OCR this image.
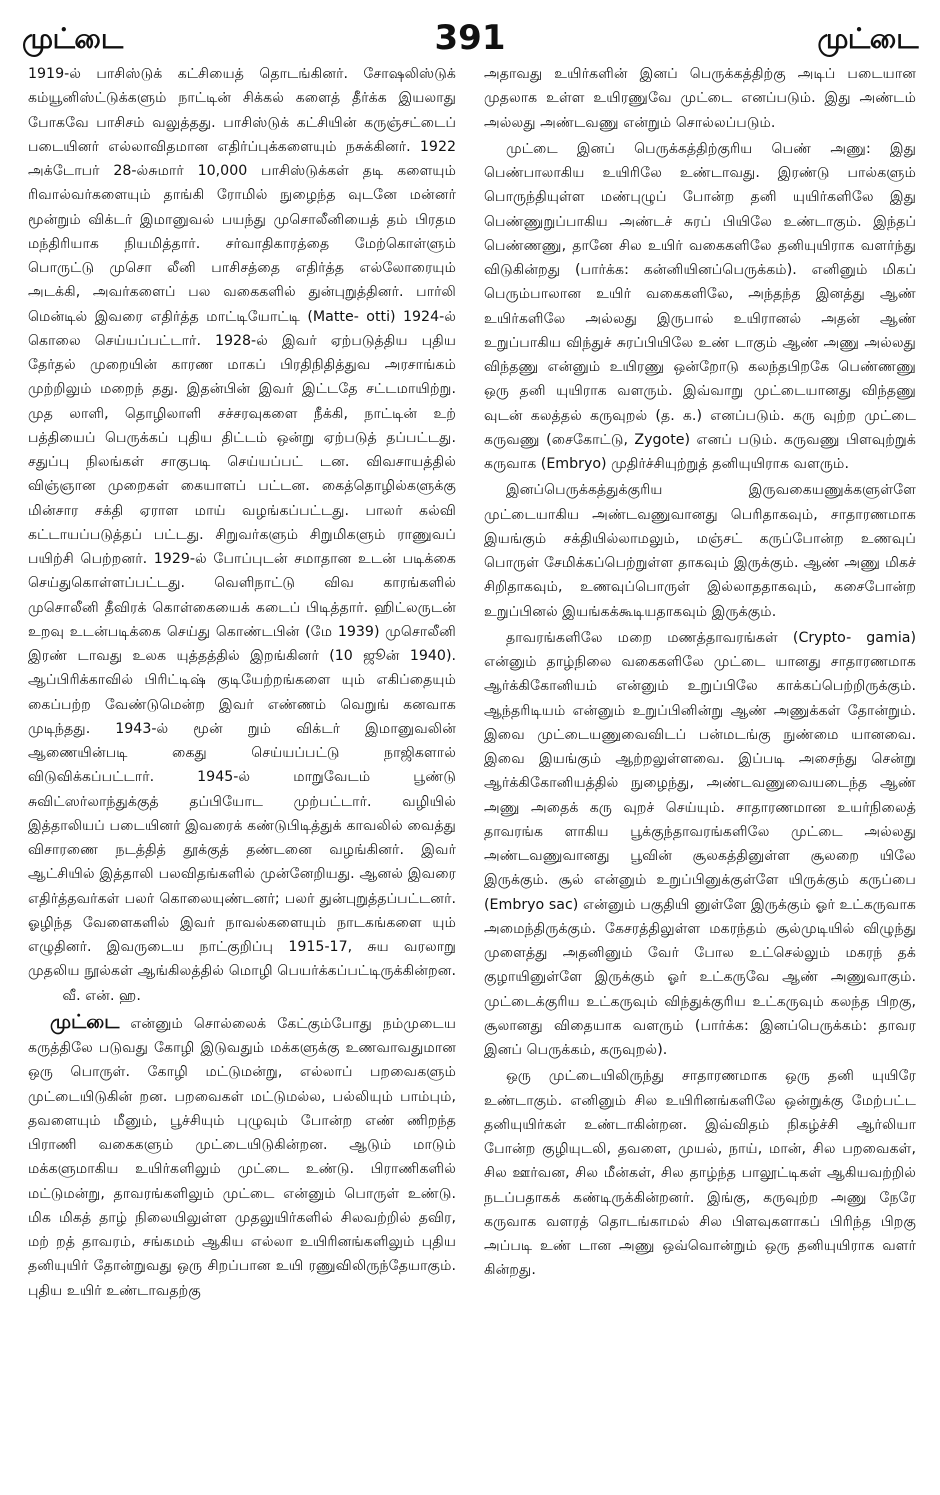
முட்டை	391	முட்டை

1919-ல் பாசிஸ்டுக் கட்சியைத் தொடங்கினர். சோஷலிஸ்டுக் கம்யூனிஸ்ட்டுக்களும் நாட்டின் சிக்கல் களைத் தீர்க்க இயலாது போகவே பாசிசம் வலுத்தது. பாசிஸ்டுக் கட்சியின் கருஞ்சட்டைப் படையினர் எல்லாவிதமான எதிர்ப்புக்களையும் நசுக்கினர். 1922 அக்டோபர் 28-ல்சுமார் 10,000 பாசிஸ்டுக்கள் தடி களையும் ரிவால்வர்களையும் தாங்கி ரோமில் நுழைந்த வுடனே மன்னர் மூன்றும் விக்டர் இமானுவல் பயந்து முசொலீனியைத் தம் பிரதம மந்திரியாக நியமித்தார். சர்வாதிகாரத்தை மேற்கொள்ளும் பொருட்டு முசொ லீனி பாசிசத்தை எதிர்த்த எல்லோரையும் அடக்கி, அவர்களைப் பல வகைகளில் துன்புறுத்தினர். பார்லி மென்டில் இவரை எதிர்த்த மாட்டியோட்டி (Matte- otti) 1924-ல் கொலை செய்யப்பட்டார். 1928-ல் இவர் ஏற்படுத்திய புதிய தேர்தல் முறையின் காரண மாகப் பிரதிநிதித்துவ அரசாங்கம் முற்றிலும் மறைந் தது. இதன்பின் இவர் இட்டதே சட்டமாயிற்று. முத லாளி, தொழிலாளி சச்சரவுகளை நீக்கி, நாட்டின் உற் பத்தியைப் பெருக்கப் புதிய திட்டம் ஒன்று ஏற்படுத் தப்பட்டது. சதுப்பு நிலங்கள் சாகுபடி செய்யப்பட் டன. விவசாயத்தில் விஞ்ஞான முறைகள் கையாளப் பட்டன. கைத்தொழில்களுக்கு மின்சார சக்தி ஏராள மாய் வழங்கப்பட்டது. பாலர் கல்வி கட்டாயப்படுத்தப் பட்டது. சிறுவர்களும் சிறுமிகளும் ராணுவப் பயிற்சி பெற்றனர். 1929-ல் போப்புடன் சமாதான உடன் படிக்கை செய்துகொள்ளப்பட்டது. வெளிநாட்டு விவ காரங்களில் முசொலீனி தீவிரக் கொள்கையைக் கடைப் பிடித்தார். ஹிட்லருடன் உறவு உடன்படிக்கை செய்து கொண்டபின் (மே 1939) முசொலீனி இரண் டாவது உலக யுத்தத்தில் இறங்கினர் (10 ஜூன் 1940). ஆப்பிரிக்காவில் பிரிட்டிஷ் குடியேற்றங்களை யும் எகிப்தையும் கைப்பற்ற வேண்டுமென்ற இவர் எண்ணம் வெறுங் கனவாக முடிந்தது. 1943-ல் மூன் றும் விக்டர் இமானுவலின் ஆணையின்படி கைது செய்யப்பட்டு நாஜிகளால் விடுவிக்கப்பட்டார். 1945-ல் மாறுவேடம் பூண்டு சுவிட்ஸர்லாந்துக்குத் தப்பியோட முற்பட்டார். வழியில் இத்தாலியப் படையினர் இவரைக் கண்டுபிடித்துக் காவலில் வைத்து விசாரணை நடத்தித் தூக்குத் தண்டனை வழங்கினர். இவர் ஆட்சியில் இத்தாலி பலவிதங்களில் முன்னேறியது. ஆனல் இவரை எதிர்த்தவர்கள் பலர் கொலையுண்டனர்; பலர் துன்புறுத்தப்பட்டனர். ஓழிந்த வேளைகளில் இவர் நாவல்களையும் நாடகங்களை யும் எழுதினர். இவருடைய நாட்குறிப்பு 1915-17, சுய வரலாறு முதலிய நூல்கள் ஆங்கிலத்தில் மொழி பெயர்க்கப்பட்டிருக்கின்றன.  வீ. என். ஹ.

முட்டை என்னும் சொல்லைக் கேட்கும்போது நம்முடைய கருத்திலே படுவது கோழி இடுவதும் மக்களுக்கு உணவாவதுமான ஒரு பொருள். கோழி மட்டுமன்று, எல்லாப் பறவைகளும் முட்டையிடுகின் றன. பறவைகள் மட்டுமல்ல, பல்லியும் பாம்பும், தவளையும் மீனும், பூச்சியும் புழுவும் போன்ற எண் ணிறந்த பிராணி வகைகளும் முட்டையிடுகின்றன. ஆடும் மாடும் மக்களுமாகிய உயிர்களிலும் முட்டை உண்டு. பிராணிகளில் மட்டுமன்று, தாவரங்களிலும் முட்டை என்னும் பொருள் உண்டு. மிக மிகத் தாழ் நிலையிலுள்ள முதலுயிர்களில் சிலவற்றில் தவிர, மற் றத் தாவரம், சங்கமம் ஆகிய எல்லா உயிரினங்களிலும் புதிய தனியுயிர் தோன்றுவது ஒரு சிறப்பான உயி ரணுவிலிருந்தேயாகும். புதிய உயிர் உண்டாவதற்கு

அதாவது உயிர்களின் இனப் பெருக்கத்திற்கு அடிப் படையான முதலாக உள்ள உயிரணுவே முட்டை எனப்படும். இது அண்டம் அல்லது அண்டவணு என்றும் சொல்லப்படும்.

முட்டை இனப் பெருக்கத்திற்குரிய பெண் அணு: இது பெண்பாலாகிய உயிரிலே உண்டாவது. இரண்டு பால்களும் பொருந்தியுள்ள மண்புழுப் போன்ற தனி யுயிர்களிலே இது பெண்ணுறுப்பாகிய அண்டச் சுரப் பியிலே உண்டாகும். இந்தப் பெண்ணணு, தானே சில உயிர் வகைகளிலே தனியுயிராக வளர்ந்து விடுகின்றது (பார்க்க: கன்னியினப்பெருக்கம்). எனினும் மிகப் பெரும்பாலான உயிர் வகைகளிலே, அந்தந்த இனத்து ஆண் உயிர்களிலே அல்லது இருபால் உயிரானல் அதன் ஆண் உறுப்பாகிய விந்துச் சுரப்பியிலே உண் டாகும் ஆண் அணு அல்லது விந்தணு என்னும் உயிரணு ஒன்றோடு கலந்தபிறகே பெண்ணணு ஒரு தனி யுயிராக வளரும். இவ்வாறு முட்டையானது விந்தணு வுடன் கலத்தல் கருவுறல் (த. க.) எனப்படும். கரு வுற்ற முட்டை கருவணு (சைகோட்டு, Zygote) எனப் படும். கருவணு பிளவுற்றுக் கருவாக (Embryo) முதிர்ச்சியுற்றுத் தனியுயிராக வளரும்.

இனப்பெருக்கத்துக்குரிய இருவகையணுக்களுள்ளே முட்டையாகிய அண்டவணுவானது பெரிதாகவும், சாதாரணமாக இயங்கும் சக்தியில்லாமலும், மஞ்சட் கருப்போன்ற உணவுப் பொருள் சேமிக்கப்பெற்றுள்ள தாகவும் இருக்கும். ஆண் அணு மிகச் சிறிதாகவும், உணவுப்பொருள் இல்லாததாகவும், கசைபோன்ற உறுப்பினல் இயங்கக்கூடியதாகவும் இருக்கும்.

தாவரங்களிலே மறை மணத்தாவரங்கள் (Crypto- gamia) என்னும் தாழ்நிலை வகைகளிலே முட்டை யானது சாதாரணமாக ஆர்க்கிகோனியம் என்னும் உறுப்பிலே காக்கப்பெற்றிருக்கும். ஆந்தரிடியம் என்னும் உறுப்பினின்று ஆண் அணுக்கள் தோன்றும். இவை முட்டையணுவைவிடப் பன்மடங்கு நுண்மை யானவை. இவை இயங்கும் ஆற்றலுள்ளவை. இப்படி அசைந்து சென்று ஆர்க்கிகோனியத்தில் நுழைந்து, அண்டவணுவையடைந்த ஆண் அணு அதைக் கரு வுறச் செய்யும். சாதாரணமான உயர்நிலைத் தாவரங்க ளாகிய பூக்குந்தாவரங்களிலே முட்டை அல்லது அண்டவணுவானது பூவின் சூலகத்தினுள்ள சூலறை யிலே இருக்கும். சூல் என்னும் உறுப்பினுக்குள்ளே யிருக்கும் கருப்பை (Embryo sac) என்னும் பகுதியி னுள்ளே இருக்கும் ஓர் உட்கருவாக அமைந்திருக்கும். கேசரத்திலுள்ள மகரந்தம் சூல்முடியில் விழுந்து முளைத்து அதனினும் வேர் போல உட்செல்லும் மகரந் தக் குழாயினுள்ளே இருக்கும் ஓர் உட்கருவே ஆண் அணுவாகும். முட்டைக்குரிய உட்கருவும் விந்துக்குரிய உட்கருவும் கலந்த பிறகு, சூலானது விதையாக வளரும் (பார்க்க: இனப்பெருக்கம்: தாவர இனப் பெருக்கம், கருவுறல்).

ஒரு முட்டையிலிருந்து சாதாரணமாக ஒரு தனி யுயிரே உண்டாகும். எனினும் சில உயிரினங்களிலே ஒன்றுக்கு மேற்பட்ட தனியுயிர்கள் உண்டாகின்றன. இவ்விதம் நிகழ்ச்சி ஆர்லியா போன்ற குழியுடலி, தவளை, முயல், நாய், மான், சில பறவைகள், சில ஊர்வன, சில மீன்கள், சில தாழ்ந்த பாலூட்டிகள் ஆகியவற்றில் நடப்பதாகக் கண்டிருக்கின்றனர். இங்கு, கருவுற்ற அணு நேரே கருவாக வளரத் தொடங்காமல் சில பிளவுகளாகப் பிரிந்த பிறகு அப்படி உண் டான அணு ஒவ்வொன்றும் ஒரு தனியுயிராக வளர் கின்றது.
